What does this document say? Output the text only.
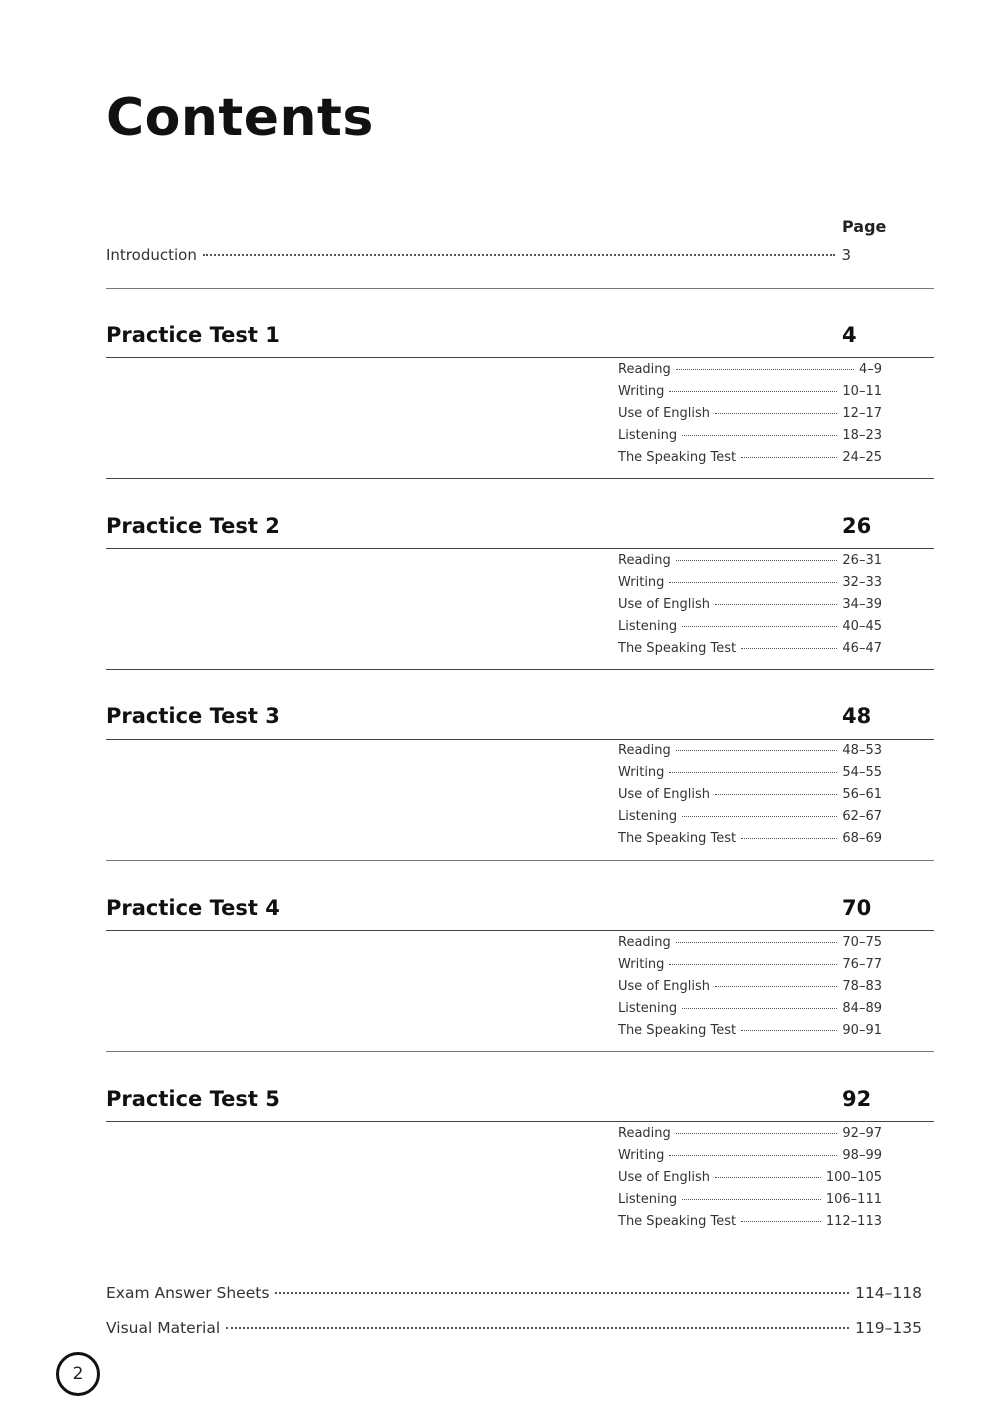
Contents
Page
Introduction	3
Practice Test 1	4
Reading	4–9
Writing	10–11
Use of English	12–17
Listening	18–23
The Speaking Test	24–25
Practice Test 2	26
Reading	26–31
Writing	32–33
Use of English	34–39
Listening	40–45
The Speaking Test	46–47
Practice Test 3	48
Reading	48–53
Writing	54–55
Use of English	56–61
Listening	62–67
The Speaking Test	68–69
Practice Test 4	70
Reading	70–75
Writing	76–77
Use of English	78–83
Listening	84–89
The Speaking Test	90–91
Practice Test 5	92
Reading	92–97
Writing	98–99
Use of English	100–105
Listening	106–111
The Speaking Test	112–113
Exam Answer Sheets	114–118
Visual Material	119–135
2
